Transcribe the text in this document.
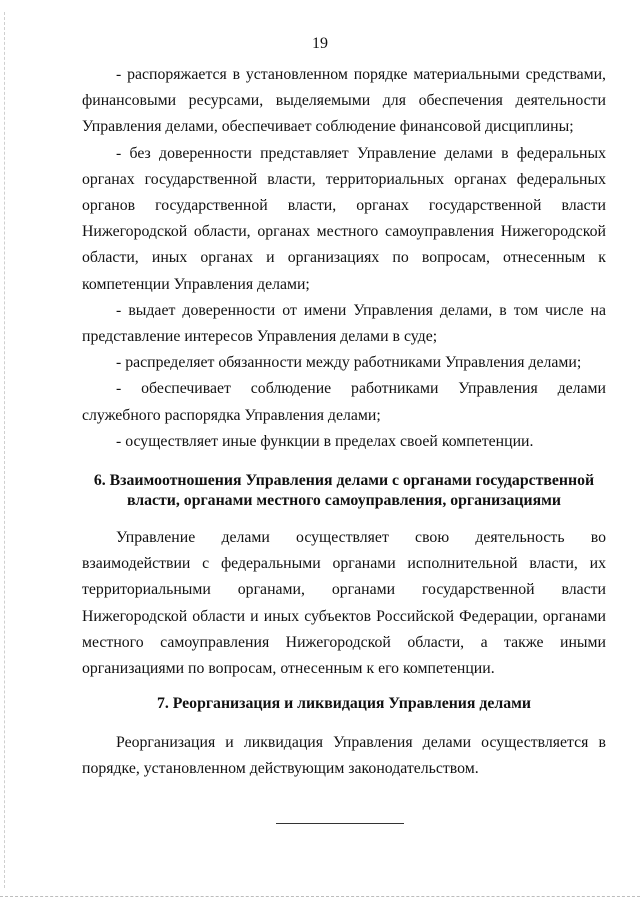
19

- распоряжается в установленном порядке материальными средствами, финансовыми ресурсами, выделяемыми для обеспечения деятельности Управления делами, обеспечивает соблюдение финансовой дисциплины;

- без доверенности представляет Управление делами в федеральных органах государственной власти, территориальных органах федеральных органов государственной власти, органах государственной власти Нижегородской области, органах местного самоуправления Нижегородской области, иных органах и организациях по вопросам, отнесенным к компетенции Управления делами;

- выдает доверенности от имени Управления делами, в том числе на представление интересов Управления делами в суде;

- распределяет обязанности между работниками Управления делами;

- обеспечивает соблюдение работниками Управления делами служебного распорядка Управления делами;

- осуществляет иные функции в пределах своей компетенции.

6. Взаимоотношения Управления делами с органами государственной

власти, органами местного самоуправления, организациями

Управление делами осуществляет свою деятельность во взаимодействии с федеральными органами исполнительной власти, их территориальными органами, органами государственной власти Нижегородской области и иных субъектов Российской Федерации, органами местного самоуправления Нижегородской области, а также иными организациями по вопросам, отнесенным к его компетенции.

7. Реорганизация и ликвидация Управления делами

Реорганизация и ликвидация Управления делами осуществляется в порядке, установленном действующим законодательством.
